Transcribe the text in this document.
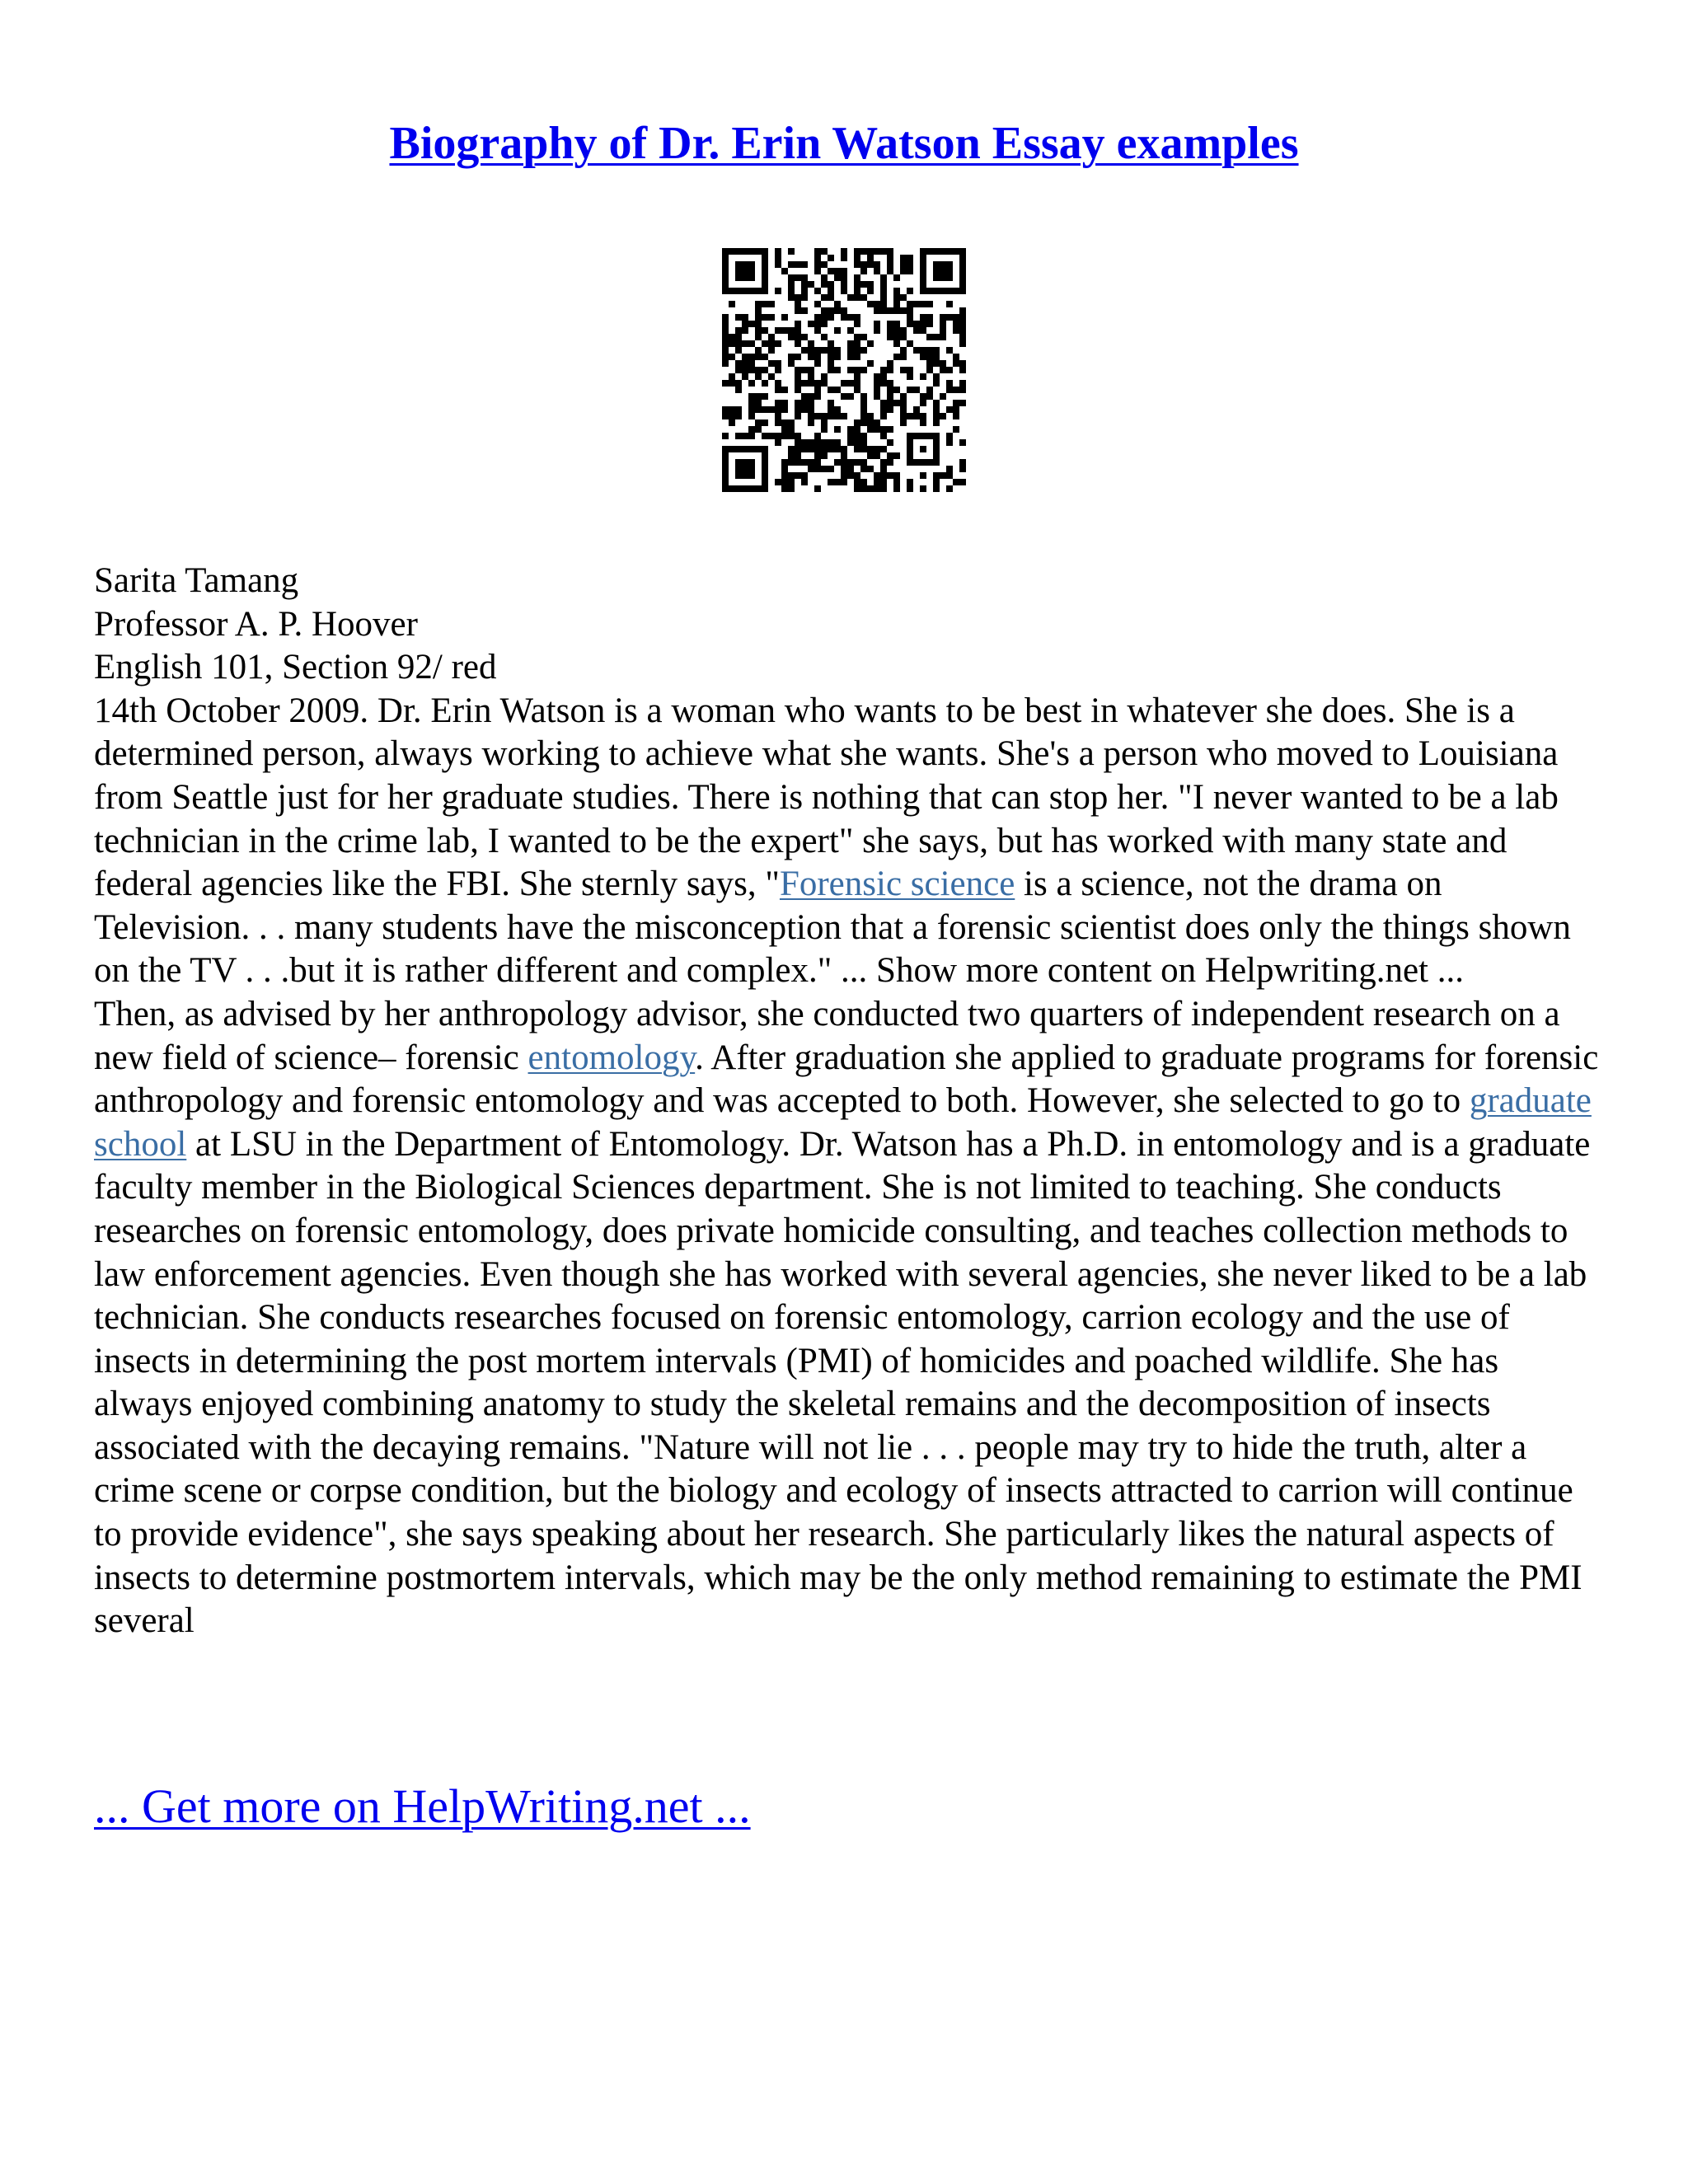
Biography of Dr. Erin Watson Essay examples

Sarita Tamang

Professor A. P. Hoover

English 101, Section 92/ red

14th October 2009. Dr. Erin Watson is a woman who wants to be best in whatever she does. She is a determined person, always working to achieve what she wants. She's a person who moved to Louisiana from Seattle just for her graduate studies. There is nothing that can stop her. "I never wanted to be a lab technician in the crime lab, I wanted to be the expert" she says, but has worked with many state and federal agencies like the FBI. She sternly says, "Forensic science is a science, not the drama on Television. . . many students have the misconception that a forensic scientist does only the things shown on the TV . . .but it is rather different and complex." ... Show more content on Helpwriting.net ...

Then, as advised by her anthropology advisor, she conducted two quarters of independent research on a new field of science– forensic entomology. After graduation she applied to graduate programs for forensic anthropology and forensic entomology and was accepted to both. However, she selected to go to graduate school at LSU in the Department of Entomology. Dr. Watson has a Ph.D. in entomology and is a graduate faculty member in the Biological Sciences department. She is not limited to teaching. She conducts researches on forensic entomology, does private homicide consulting, and teaches collection methods to law enforcement agencies. Even though she has worked with several agencies, she never liked to be a lab technician. She conducts researches focused on forensic entomology, carrion ecology and the use of insects in determining the post mortem intervals (PMI) of homicides and poached wildlife. She has always enjoyed combining anatomy to study the skeletal remains and the decomposition of insects associated with the decaying remains. "Nature will not lie . . . people may try to hide the truth, alter a crime scene or corpse condition, but the biology and ecology of insects attracted to carrion will continue to provide evidence", she says speaking about her research. She particularly likes the natural aspects of insects to determine postmortem intervals, which may be the only method remaining to estimate the PMI several

... Get more on HelpWriting.net ...
